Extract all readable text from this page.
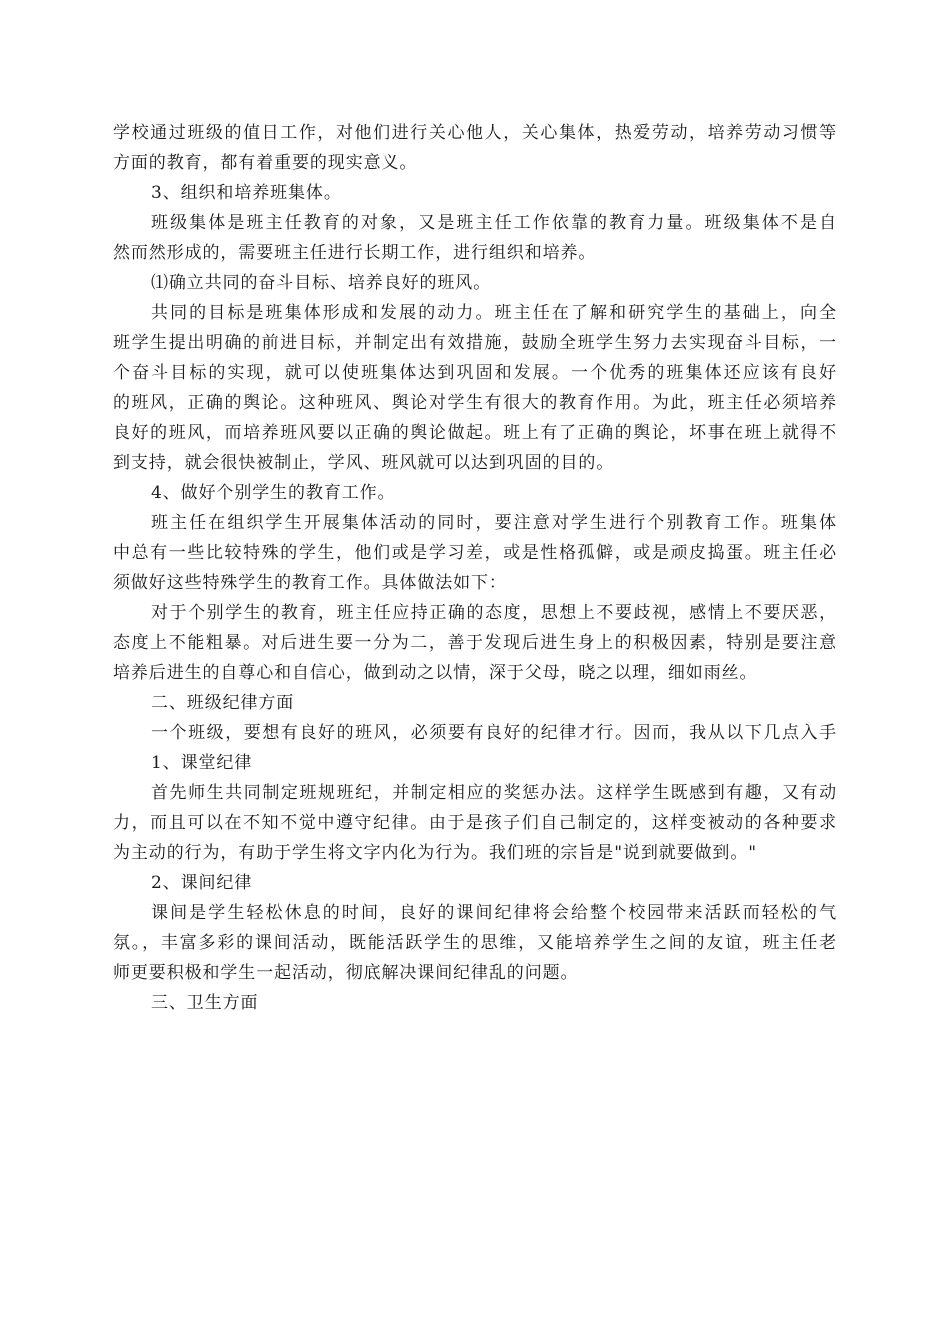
学校通过班级的值日工作，对他们进行关心他人，关心集体，热爱劳动，培养劳动习惯等
方面的教育，都有着重要的现实意义。
3、组织和培养班集体。
班级集体是班主任教育的对象，又是班主任工作依靠的教育力量。班级集体不是自
然而然形成的，需要班主任进行长期工作，进行组织和培养。
⑴确立共同的奋斗目标、培养良好的班风。
共同的目标是班集体形成和发展的动力。班主任在了解和研究学生的基础上，向全
班学生提出明确的前进目标，并制定出有效措施，鼓励全班学生努力去实现奋斗目标，一
个奋斗目标的实现，就可以使班集体达到巩固和发展。一个优秀的班集体还应该有良好
的班风，正确的舆论。这种班风、舆论对学生有很大的教育作用。为此，班主任必须培养
良好的班风，而培养班风要以正确的舆论做起。班上有了正确的舆论，坏事在班上就得不
到支持，就会很快被制止，学风、班风就可以达到巩固的目的。
4、做好个别学生的教育工作。
班主任在组织学生开展集体活动的同时，要注意对学生进行个别教育工作。班集体
中总有一些比较特殊的学生，他们或是学习差，或是性格孤僻，或是顽皮捣蛋。班主任必
须做好这些特殊学生的教育工作。具体做法如下：
对于个别学生的教育，班主任应持正确的态度，思想上不要歧视，感情上不要厌恶，
态度上不能粗暴。对后进生要一分为二，善于发现后进生身上的积极因素，特别是要注意
培养后进生的自尊心和自信心，做到动之以情，深于父母，晓之以理，细如雨丝。
二、班级纪律方面
一个班级，要想有良好的班风，必须要有良好的纪律才行。因而，我从以下几点入手
1、课堂纪律
首先师生共同制定班规班纪，并制定相应的奖惩办法。这样学生既感到有趣，又有动
力，而且可以在不知不觉中遵守纪律。由于是孩子们自己制定的，这样变被动的各种要求
为主动的行为，有助于学生将文字内化为行为。我们班的宗旨是"说到就要做到。"
2、课间纪律
课间是学生轻松休息的时间，良好的课间纪律将会给整个校园带来活跃而轻松的气
氛。，丰富多彩的课间活动，既能活跃学生的思维，又能培养学生之间的友谊，班主任老
师更要积极和学生一起活动，彻底解决课间纪律乱的问题。
三、卫生方面
